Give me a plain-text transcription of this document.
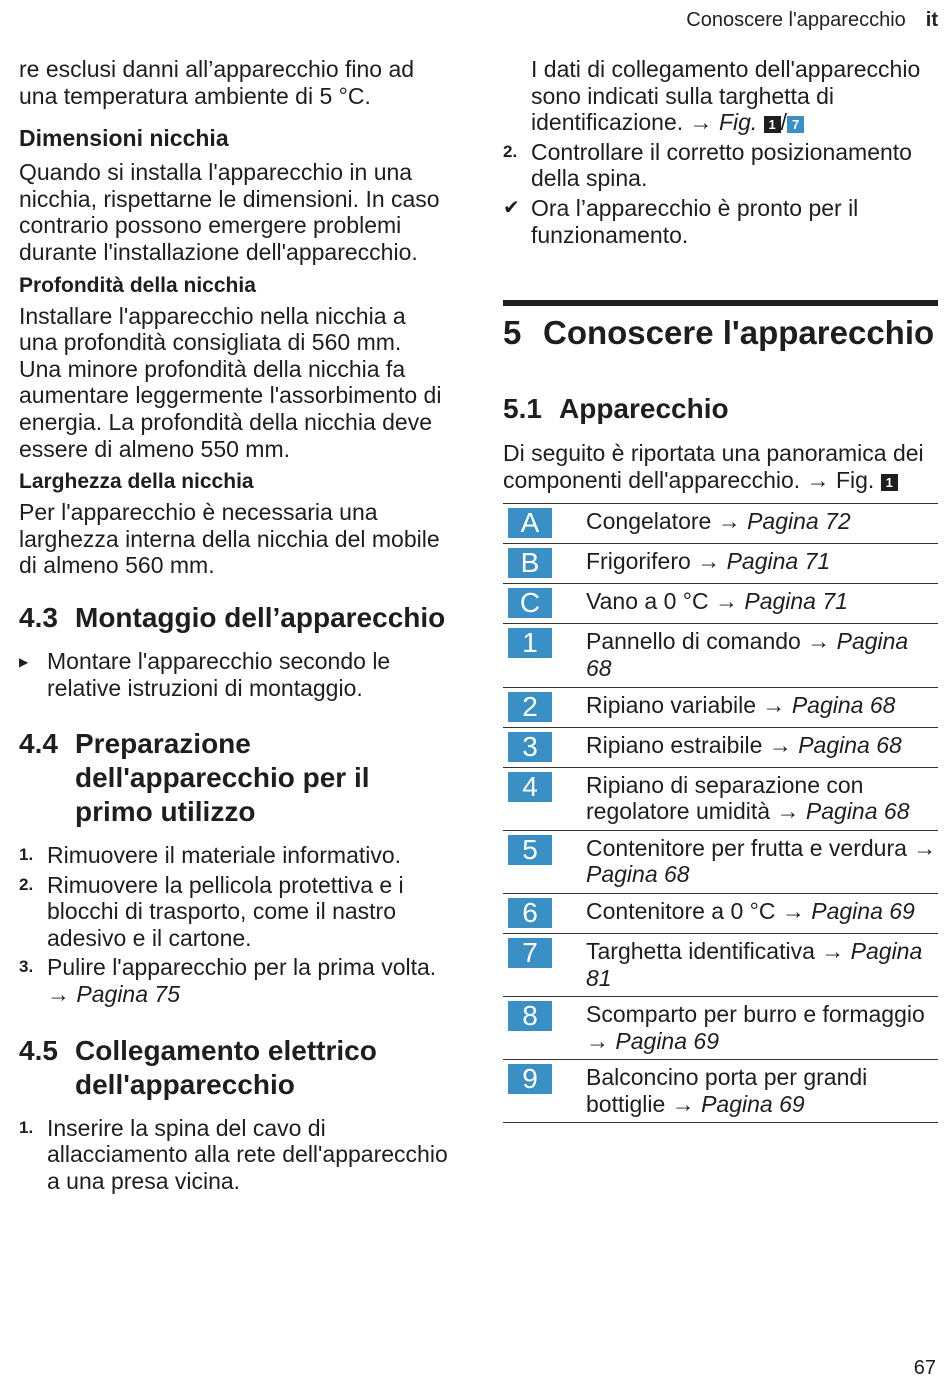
Conoscere l'apparecchio it

re esclusi danni all’apparecchio fino ad una temperatura ambiente di 5 °C.

Dimensioni nicchia

Quando si installa l'apparecchio in una nicchia, rispettarne le dimensioni. In caso contrario possono emergere problemi durante l'installazione dell'apparecchio.

Profondità della nicchia

Installare l'apparecchio nella nicchia a una profondità consigliata di 560 mm.

Una minore profondità della nicchia fa aumentare leggermente l'assorbimento di energia. La profondità della nicchia deve essere di almeno 550 mm.

Larghezza della nicchia

Per l'apparecchio è necessaria una larghezza interna della nicchia del mobile di almeno 560 mm.

4.3 Montaggio dell’apparecchio
▶ Montare l'apparecchio secondo le relative istruzioni di montaggio.
4.4 Preparazione dell'apparecchio per il primo utilizzo
1. Rimuovere il materiale informativo.
2. Rimuovere la pellicola protettiva e i blocchi di trasporto, come il nastro adesivo e il cartone.
3. Pulire l'apparecchio per la prima volta. → Pagina 75
4.5 Collegamento elettrico dell'apparecchio
1. Inserire la spina del cavo di allacciamento alla rete dell'apparecchio a una presa vicina.
I dati di collegamento dell'apparecchio sono indicati sulla targhetta di identificazione. → Fig. 1 / 7
2. Controllare il corretto posizionamento della spina.
✔ Ora l’apparecchio è pronto per il funzionamento.
5 Conoscere l'apparecchio
5.1 Apparecchio

Di seguito è riportata una panoramica dei componenti dell'apparecchio. → Fig. 1

A	Congelatore → Pagina 72
B	Frigorifero → Pagina 71
C	Vano a 0 °C → Pagina 71
1	Pannello di comando → Pagina 68
2	Ripiano variabile → Pagina 68
3	Ripiano estraibile → Pagina 68
4	Ripiano di separazione con regolatore umidità → Pagina 68
5	Contenitore per frutta e verdura → Pagina 68
6	Contenitore a 0 °C → Pagina 69
7	Targhetta identificativa → Pagina 81
8	Scomparto per burro e formaggio → Pagina 69
9	Balconcino porta per grandi bottiglie → Pagina 69
67
